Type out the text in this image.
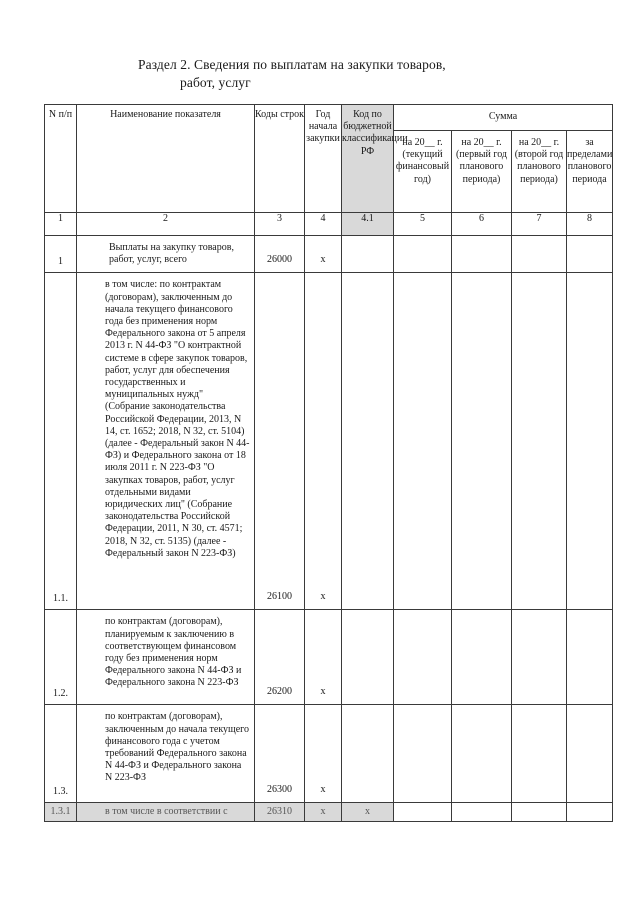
Раздел 2. Сведения по выплатам на закупки товаров,
работ, услуг
N п/п	Наименование показателя	Коды строк	Год начала закупки	Код по бюджетной классификации РФ	Сумма			
					на 20__ г. (текущий финансовый год)	на 20__ г. (первый год планового периода)	на 20__ г. (второй год планового периода)	за пределами планового периода
1	2	3	4	4.1	5	6	7	8
1	Выплаты на закупку товаров, работ, услуг, всего	26000	x					
1.1.	в том числе: по контрактам (договорам), заключенным до начала текущего финансового года без применения норм Федерального закона от 5 апреля 2013 г. N 44-ФЗ "О контрактной системе в сфере закупок товаров, работ, услуг для обеспечения государственных и муниципальных нужд" (Собрание законодательства Российской Федерации, 2013, N 14, ст. 1652; 2018, N 32, ст. 5104) (далее - Федеральный закон N 44-ФЗ) и Федерального закона от 18 июля 2011 г. N 223-ФЗ "О закупках товаров, работ, услуг отдельными видами юридических лиц" (Собрание законодательства Российской Федерации, 2011, N 30, ст. 4571; 2018, N 32, ст. 5135) (далее - Федеральный закон N 223-ФЗ)	26100	x					
1.2.	по контрактам (договорам), планируемым к заключению в соответствующем финансовом году без применения норм Федерального закона N 44-ФЗ и Федерального закона N 223-ФЗ	26200	x					
1.3.	по контрактам (договорам), заключенным до начала текущего финансового года с учетом требований Федерального закона N 44-ФЗ и Федерального закона N 223-ФЗ	26300	x					
1.3.1	в том числе в соответствии с	26310	x	x				
